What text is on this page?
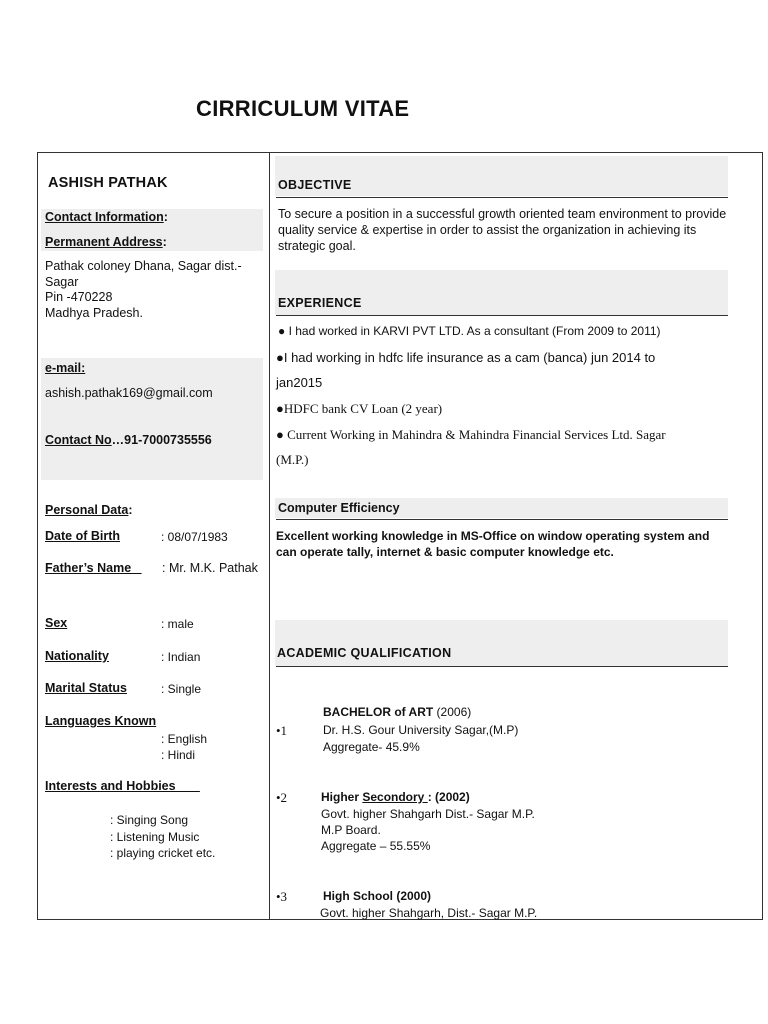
CIRRICULUM VITAE
ASHISH PATHAK
Contact Information:
Permanent Address:
Pathak coloney Dhana, Sagar dist.-
Sagar
Pin -470228
Madhya Pradesh.
e-mail:
ashish.pathak169@gmail.com
Contact No…91-7000735556
Personal Data:
Date of Birth	: 08/07/1983
Father’s Name : Mr. M.K. Pathak
Sex	: male
Nationality	: Indian
Marital Status	: Single
Languages Known
: English
: Hindi
Interests and Hobbies
: Singing Song
: Listening Music
: playing cricket etc.
OBJECTIVE
To secure a position in a successful growth oriented team environment to provide quality service & expertise in order to assist the organization in achieving its strategic goal.
EXPERIENCE
● I had worked in KARVI PVT LTD. As a consultant (From 2009 to 2011)
●I had working in hdfc life insurance as a cam (banca) jun 2014 to
jan2015
●HDFC bank CV Loan (2 year)
● Current Working in Mahindra & Mahindra Financial Services Ltd. Sagar
(M.P.)
Computer Efficiency
Excellent working knowledge in MS-Office on window operating system and can operate tally, internet & basic computer knowledge etc.
ACADEMIC QUALIFICATION
BACHELOR of ART (2006)
•1	Dr. H.S. Gour University Sagar,(M.P)
Aggregate- 45.9%
•2	Higher Secondory : (2002)
Govt. higher Shahgarh Dist.- Sagar M.P.
M.P Board.
Aggregate – 55.55%
•3	High School (2000)
Govt. higher Shahgarh, Dist.- Sagar M.P.
